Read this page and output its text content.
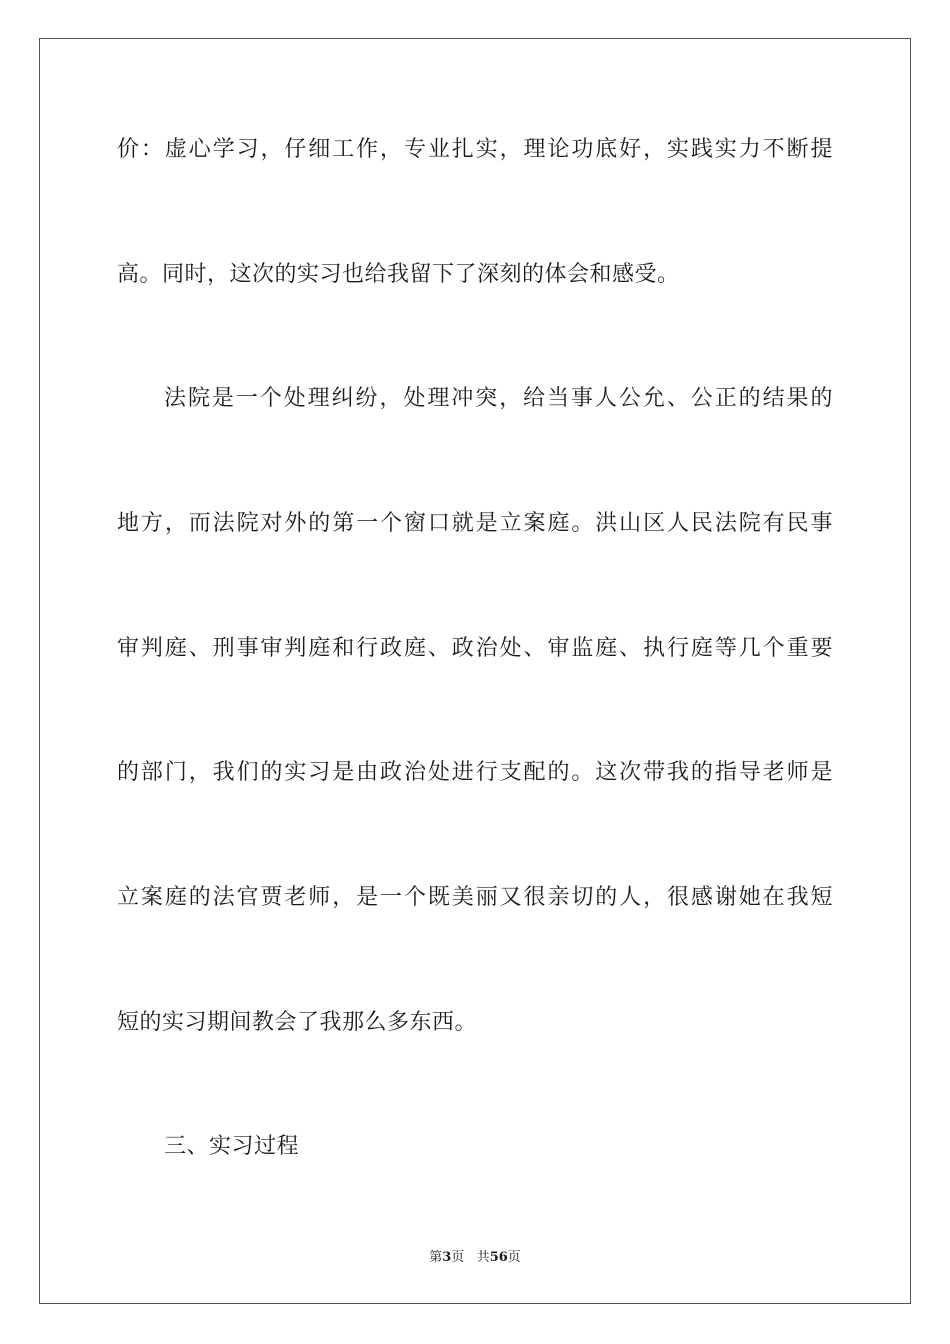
价：虚心学习，仔细工作，专业扎实，理论功底好，实践实力不断提
高。同时，这次的实习也给我留下了深刻的体会和感受。
法院是一个处理纠纷，处理冲突，给当事人公允、公正的结果的
地方，而法院对外的第一个窗口就是立案庭。洪山区人民法院有民事
审判庭、刑事审判庭和行政庭、政治处、审监庭、执行庭等几个重要
的部门，我们的实习是由政治处进行支配的。这次带我的指导老师是
立案庭的法官贾老师，是一个既美丽又很亲切的人，很感谢她在我短
短的实习期间教会了我那么多东西。
三、实习过程
第3页 共56页
